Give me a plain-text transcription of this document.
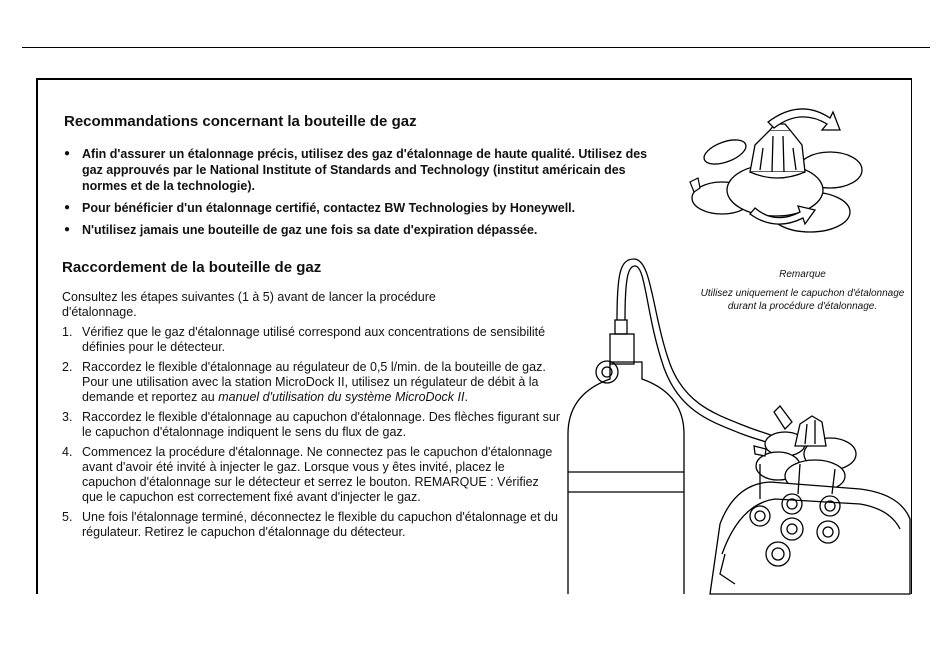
Recommandations concernant la bouteille de gaz
● Afin d'assurer un étalonnage précis, utilisez des gaz d'étalonnage de haute qualité. Utilisez des gaz approuvés par le National Institute of Standards and Technology (institut américain des normes et de la technologie).
● Pour bénéficier d'un étalonnage certifié, contactez BW Technologies by Honeywell.
● N'utilisez jamais une bouteille de gaz une fois sa date d'expiration dépassée.
Raccordement de la bouteille de gaz

Consultez les étapes suivantes (1 à 5) avant de lancer la procédure d'étalonnage.

1. Vérifiez que le gaz d'étalonnage utilisé correspond aux concentrations de sensibilité définies pour le détecteur.
2. Raccordez le flexible d'étalonnage au régulateur de 0,5 l/min. de la bouteille de gaz. Pour une utilisation avec la station MicroDock II, utilisez un régulateur de débit à la demande et reportez au manuel d'utilisation du système MicroDock II.
3. Raccordez le flexible d'étalonnage au capuchon d'étalonnage. Des flèches figurant sur le capuchon d'étalonnage indiquent le sens du flux de gaz.
4. Commencez la procédure d'étalonnage. Ne connectez pas le capuchon d'étalonnage avant d'avoir été invité à injecter le gaz. Lorsque vous y êtes invité, placez le capuchon d'étalonnage sur le détecteur et serrez le bouton. REMARQUE : Vérifiez que le capuchon est correctement fixé avant d'injecter le gaz.
5. Une fois l'étalonnage terminé, déconnectez le flexible du capuchon d'étalonnage et du régulateur. Retirez le capuchon d'étalonnage du détecteur.
Remarque
Utilisez uniquement le capuchon d'étalonnage durant la procédure d'étalonnage.
